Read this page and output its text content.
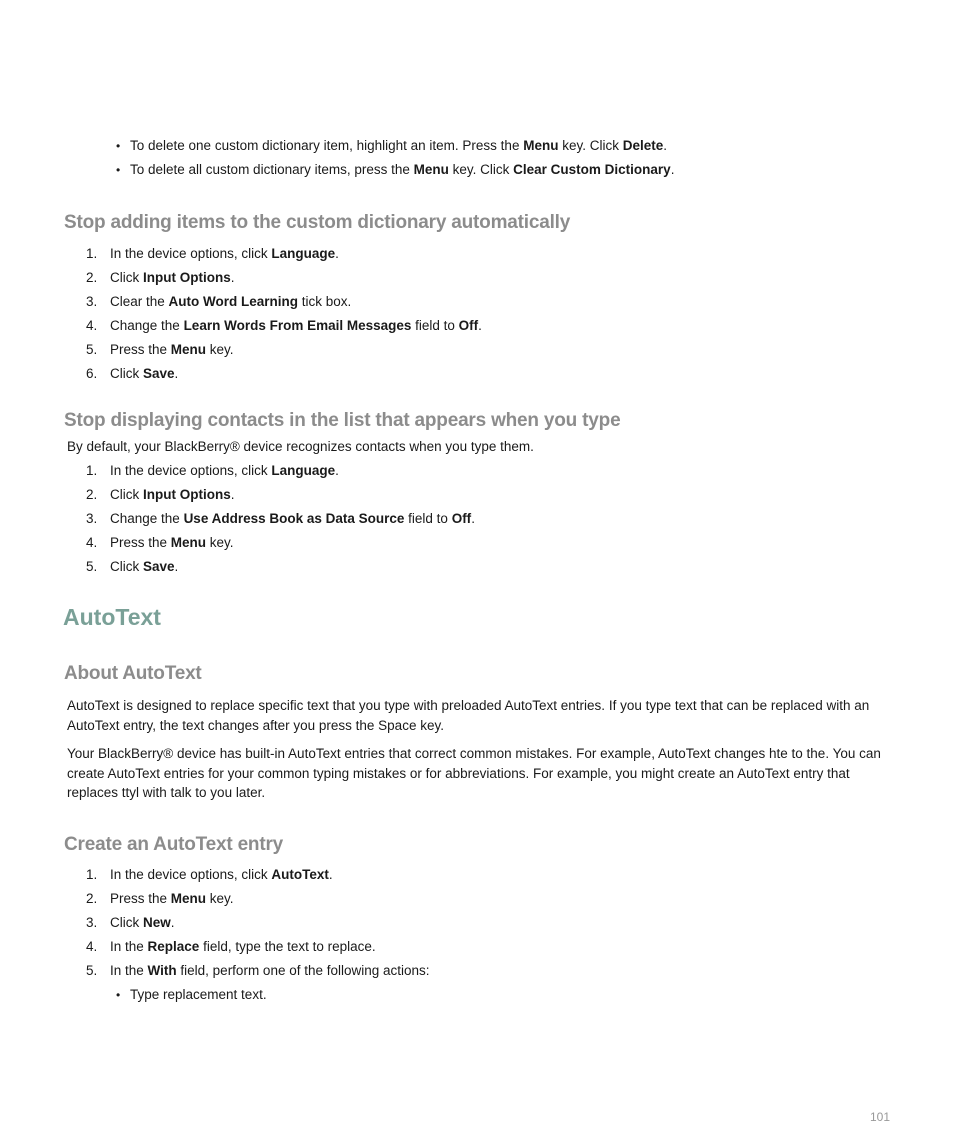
• To delete one custom dictionary item, highlight an item. Press the Menu key. Click Delete.
• To delete all custom dictionary items, press the Menu key. Click Clear Custom Dictionary.
Stop adding items to the custom dictionary automatically
1. In the device options, click Language.
2. Click Input Options.
3. Clear the Auto Word Learning tick box.
4. Change the Learn Words From Email Messages field to Off.
5. Press the Menu key.
6. Click Save.
Stop displaying contacts in the list that appears when you type

By default, your BlackBerry® device recognizes contacts when you type them.

1. In the device options, click Language.
2. Click Input Options.
3. Change the Use Address Book as Data Source field to Off.
4. Press the Menu key.
5. Click Save.
AutoText
About AutoText

AutoText is designed to replace specific text that you type with preloaded AutoText entries. If you type text that can be replaced with an AutoText entry, the text changes after you press the Space key.

Your BlackBerry® device has built-in AutoText entries that correct common mistakes. For example, AutoText changes hte to the. You can create AutoText entries for your common typing mistakes or for abbreviations. For example, you might create an AutoText entry that replaces ttyl with talk to you later.

Create an AutoText entry
1. In the device options, click AutoText.
2. Press the Menu key.
3. Click New.
4. In the Replace field, type the text to replace.
5. In the With field, perform one of the following actions:
• Type replacement text.
101
